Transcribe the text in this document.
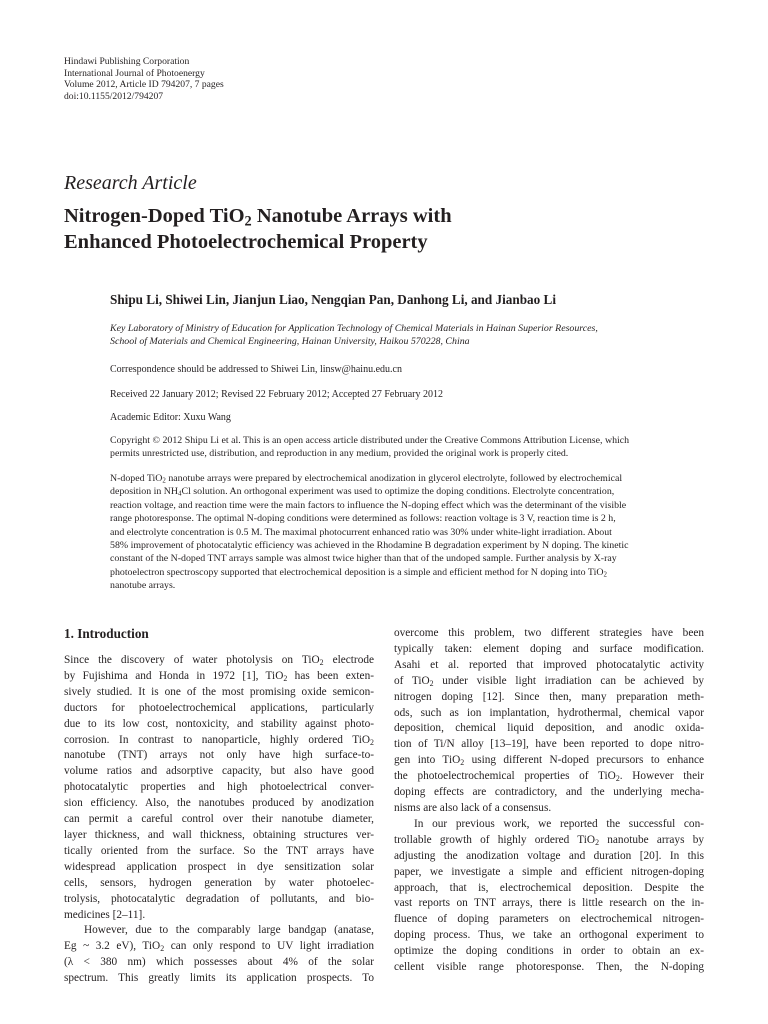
Hindawi Publishing Corporation
International Journal of Photoenergy
Volume 2012, Article ID 794207, 7 pages
doi:10.1155/2012/794207
Research Article
Nitrogen-Doped TiO$_2$ Nanotube Arrays with
Enhanced Photoelectrochemical Property
Shipu Li, Shiwei Lin, Jianjun Liao, Nengqian Pan, Danhong Li, and Jianbao Li
Key Laboratory of Ministry of Education for Application Technology of Chemical Materials in Hainan Superior Resources,
School of Materials and Chemical Engineering, Hainan University, Haikou 570228, China
Correspondence should be addressed to Shiwei Lin, linsw@hainu.edu.cn
Received 22 January 2012; Revised 22 February 2012; Accepted 27 February 2012
Academic Editor: Xuxu Wang
Copyright © 2012 Shipu Li et al. This is an open access article distributed under the Creative Commons Attribution License, which
permits unrestricted use, distribution, and reproduction in any medium, provided the original work is properly cited.
N-doped TiO$_2$ nanotube arrays were prepared by electrochemical anodization in glycerol electrolyte, followed by electrochemical
deposition in $NH_4Cl$ solution. An orthogonal experiment was used to optimize the doping conditions. Electrolyte concentration,
reaction voltage, and reaction time were the main factors to influence the N-doping effect which was the determinant of the visible
range photoresponse. The optimal N-doping conditions were determined as follows: reaction voltage is 3 V, reaction time is 2 h,
and electrolyte concentration is 0.5 M. The maximal photocurrent enhanced ratio was 30% under white-light irradiation. About
58% improvement of photocatalytic efficiency was achieved in the Rhodamine B degradation experiment by N doping. The kinetic
constant of the N-doped TNT arrays sample was almost twice higher than that of the undoped sample. Further analysis by X-ray
photoelectron spectroscopy supported that electrochemical deposition is a simple and efficient method for N doping into TiO$_2$
nanotube arrays.
1. Introduction
Since the discovery of water photolysis on TiO$_2$ electrode
by Fujishima and Honda in 1972 [1], TiO$_2$ has been exten-
sively studied. It is one of the most promising oxide semicon-
ductors for photoelectrochemical applications, particularly
due to its low cost, nontoxicity, and stability against photo-
corrosion. In contrast to nanoparticle, highly ordered TiO$_2$
nanotube (TNT) arrays not only have high surface-to-
volume ratios and adsorptive capacity, but also have good
photocatalytic properties and high photoelectrical conver-
sion efficiency. Also, the nanotubes produced by anodization
can permit a careful control over their nanotube diameter,
layer thickness, and wall thickness, obtaining structures ver-
tically oriented from the surface. So the TNT arrays have
widespread application prospect in dye sensitization solar
cells, sensors, hydrogen generation by water photoelec-
trolysis, photocatalytic degradation of pollutants, and bio-
medicines [2–11].
However, due to the comparably large bandgap (anatase,
Eg ~ 3.2 eV), TiO$_2$ can only respond to UV light irradiation
(λ < 380 nm) which possesses about 4% of the solar
spectrum. This greatly limits its application prospects. To
overcome this problem, two different strategies have been
typically taken: element doping and surface modification.
Asahi et al. reported that improved photocatalytic activity
of TiO$_2$ under visible light irradiation can be achieved by
nitrogen doping [12]. Since then, many preparation meth-
ods, such as ion implantation, hydrothermal, chemical vapor
deposition, chemical liquid deposition, and anodic oxida-
tion of Ti/N alloy [13–19], have been reported to dope nitro-
gen into TiO$_2$ using different N-doped precursors to enhance
the photoelectrochemical properties of TiO$_2$. However their
doping effects are contradictory, and the underlying mecha-
nisms are also lack of a consensus.
In our previous work, we reported the successful con-
trollable growth of highly ordered TiO$_2$ nanotube arrays by
adjusting the anodization voltage and duration [20]. In this
paper, we investigate a simple and efficient nitrogen-doping
approach, that is, electrochemical deposition. Despite the
vast reports on TNT arrays, there is little research on the in-
fluence of doping parameters on electrochemical nitrogen-
doping process. Thus, we take an orthogonal experiment to
optimize the doping conditions in order to obtain an ex-
cellent visible range photoresponse. Then, the N-doping
